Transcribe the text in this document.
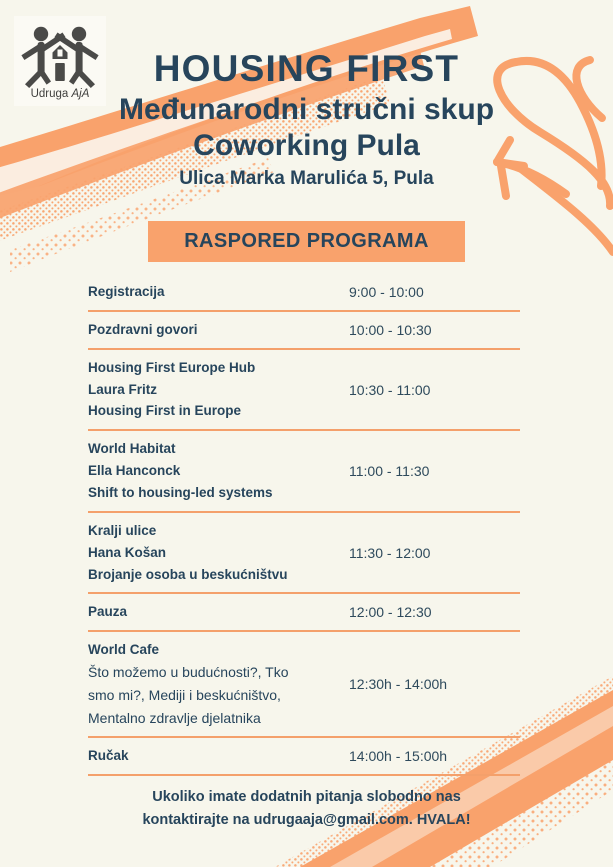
Udruga AjA
HOUSING FIRST
Međunarodni stručni skup
Coworking Pula
Ulica Marka Marulića 5, Pula
RASPORED PROGRAMA
Registracija	9:00 - 10:00
Pozdravni govori	10:00 - 10:30
Housing First Europe Hub
Laura Fritz
Housing First in Europe
10:30 - 11:00
World Habitat
Ella Hanconck
Shift to housing-led systems
11:00 - 11:30
Kralji ulice
Hana Košan
Brojanje osoba u beskućništvu
11:30 - 12:00
Pauza	12:00 - 12:30
World Cafe
Što možemo u budućnosti?, Tko
smo mi?, Mediji i beskućništvo,
Mentalno zdravlje djelatnika
12:30h - 14:00h
Ručak	14:00h - 15:00h
Ukoliko imate dodatnih pitanja slobodno nas
kontaktirajte na udrugaaja@gmail.com. HVALA!
